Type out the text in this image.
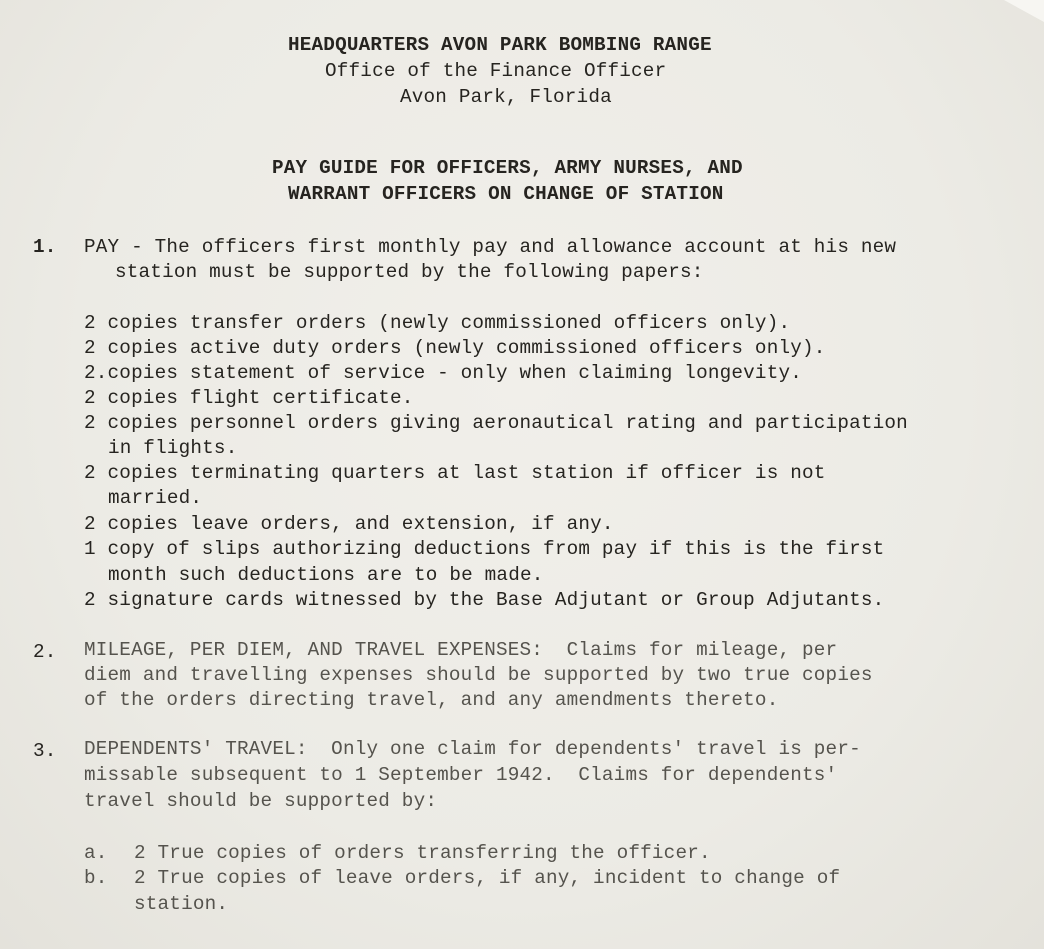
HEADQUARTERS AVON PARK BOMBING RANGE
Office of the Finance Officer
Avon Park, Florida
PAY GUIDE FOR OFFICERS, ARMY NURSES, AND
WARRANT OFFICERS ON CHANGE OF STATION
1. PAY - The officers first monthly pay and allowance account at his new
station must be supported by the following papers:
2 copies transfer orders (newly commissioned officers only).
2 copies active duty orders (newly commissioned officers only).
2.copies statement of service - only when claiming longevity.
2 copies flight certificate.
2 copies personnel orders giving aeronautical rating and participation
in flights.
2 copies terminating quarters at last station if officer is not
married.
2 copies leave orders, and extension, if any.
1 copy of slips authorizing deductions from pay if this is the first
month such deductions are to be made.
2 signature cards witnessed by the Base Adjutant or Group Adjutants.
2. MILEAGE, PER DIEM, AND TRAVEL EXPENSES:  Claims for mileage, per
diem and travelling expenses should be supported by two true copies
of the orders directing travel, and any amendments thereto.
3. DEPENDENTS' TRAVEL:  Only one claim for dependents' travel is per-
missable subsequent to 1 September 1942.  Claims for dependents'
travel should be supported by:
a. 2 True copies of orders transferring the officer.
b. 2 True copies of leave orders, if any, incident to change of
station.
